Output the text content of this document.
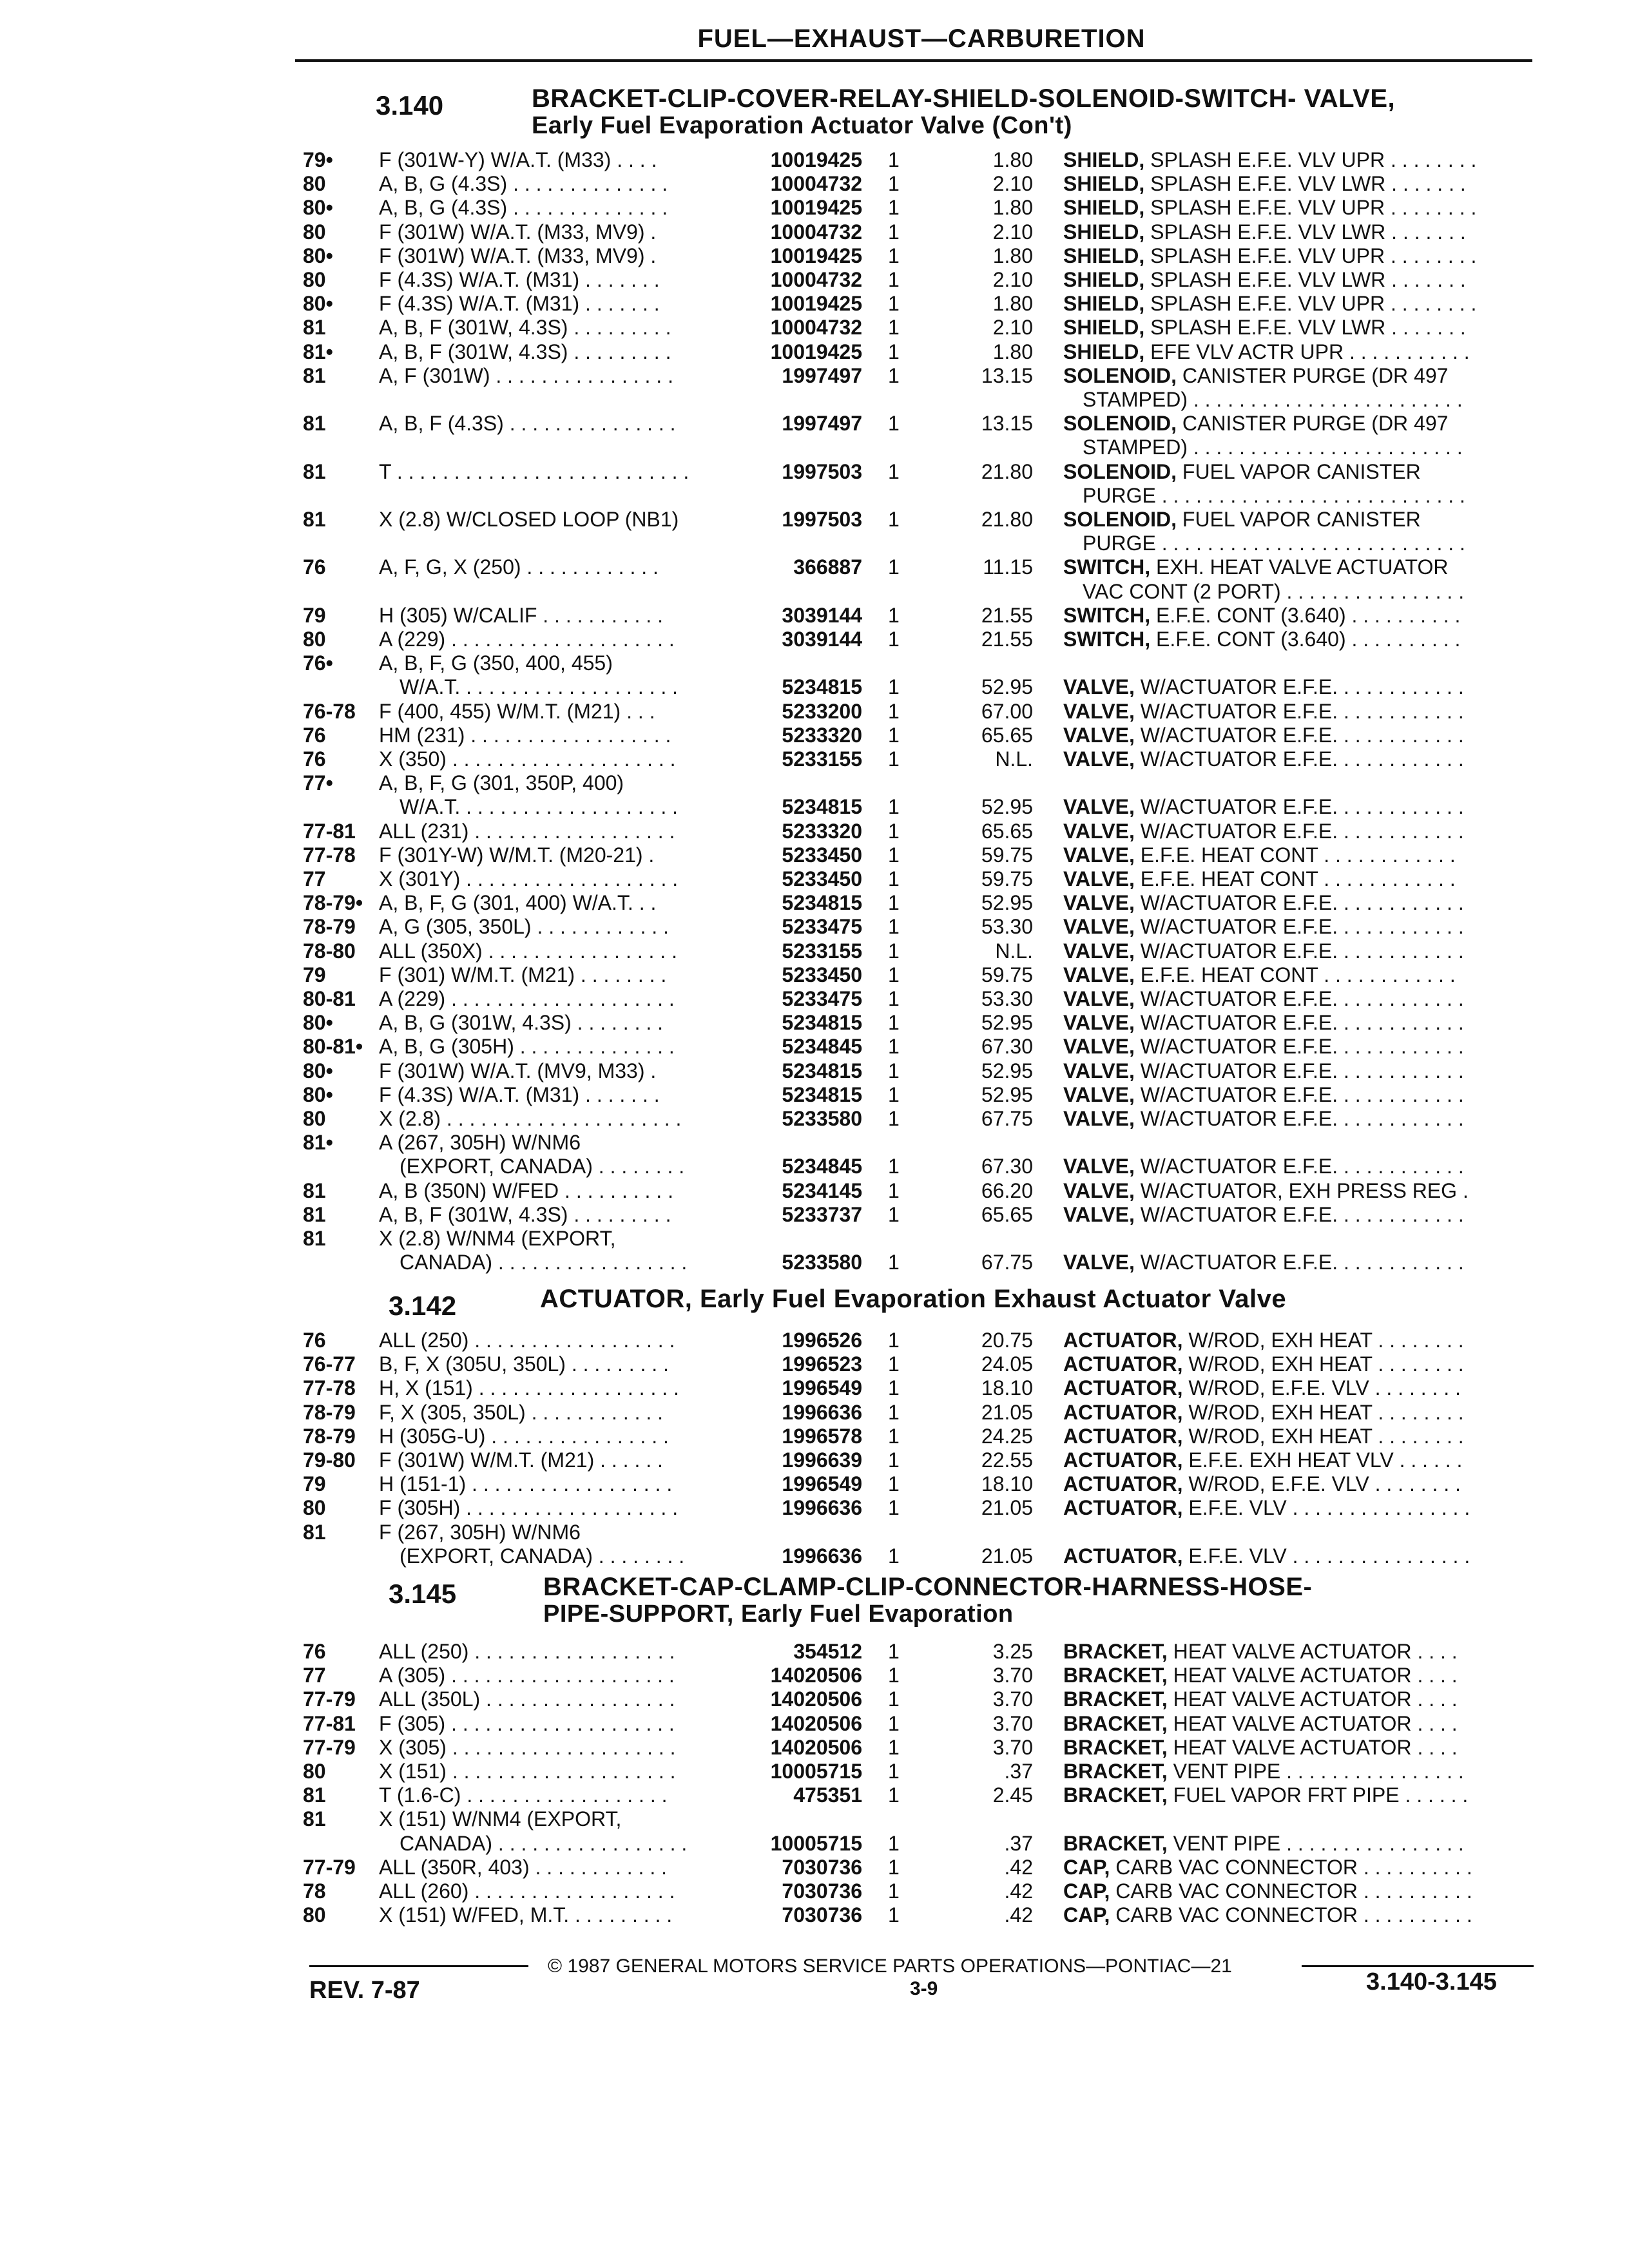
FUEL—EXHAUST—CARBURETION
3.140	BRACKET-CLIP-COVER-RELAY-SHIELD-SOLENOID-SWITCH- VALVE,
Early Fuel Evaporation Actuator Valve (Con't)
79• F (301W-Y) W/A.T. (M33) . . . .	10019425 1	1.80 SHIELD, SPLASH E.F.E. VLV UPR . . . . . . . .
80	A, B, G (4.3S) . . . . . . . . . . . . . .	10004732 1	2.10 SHIELD, SPLASH E.F.E. VLV LWR . . . . . . .
80• A, B, G (4.3S) . . . . . . . . . . . . . .	10019425 1	1.80 SHIELD, SPLASH E.F.E. VLV UPR . . . . . . . .
80	F (301W) W/A.T. (M33, MV9) .	10004732 1	2.10 SHIELD, SPLASH E.F.E. VLV LWR . . . . . . .
80• F (301W) W/A.T. (M33, MV9) .	10019425 1	1.80 SHIELD, SPLASH E.F.E. VLV UPR . . . . . . . .
80	F (4.3S) W/A.T. (M31) . . . . . . .	10004732 1	2.10 SHIELD, SPLASH E.F.E. VLV LWR . . . . . . .
80• F (4.3S) W/A.T. (M31) . . . . . . .	10019425 1	1.80 SHIELD, SPLASH E.F.E. VLV UPR . . . . . . . .
81	A, B, F (301W, 4.3S) . . . . . . . . .	10004732 1	2.10 SHIELD, SPLASH E.F.E. VLV LWR . . . . . . .
81• A, B, F (301W, 4.3S) . . . . . . . . .	10019425 1	1.80 SHIELD, EFE VLV ACTR UPR . . . . . . . . . . .
81	A, F (301W) . . . . . . . . . . . . . . . .	1997497 1	13.15 SOLENOID, CANISTER PURGE (DR 497
STAMPED) . . . . . . . . . . . . . . . . . . . . . . . .
81	A, B, F (4.3S) . . . . . . . . . . . . . . .	1997497 1	13.15 SOLENOID, CANISTER PURGE (DR 497
STAMPED) . . . . . . . . . . . . . . . . . . . . . . . .
81	T . . . . . . . . . . . . . . . . . . . . . . . . . .	1997503 1	21.80 SOLENOID, FUEL VAPOR CANISTER
PURGE . . . . . . . . . . . . . . . . . . . . . . . . . . .
81	X (2.8) W/CLOSED LOOP (NB1)	1997503 1	21.80 SOLENOID, FUEL VAPOR CANISTER
PURGE . . . . . . . . . . . . . . . . . . . . . . . . . . .
76	A, F, G, X (250) . . . . . . . . . . . .	366887 1	11.15 SWITCH, EXH. HEAT VALVE ACTUATOR
VAC CONT (2 PORT) . . . . . . . . . . . . . . . .
79	H (305) W/CALIF . . . . . . . . . . .	3039144 1	21.55 SWITCH, E.F.E. CONT (3.640) . . . . . . . . . .
80	A (229) . . . . . . . . . . . . . . . . . . . .	3039144 1	21.55 SWITCH, E.F.E. CONT (3.640) . . . . . . . . . .
76• A, B, F, G (350, 400, 455)
W/A.T. . . . . . . . . . . . . . . . . . . .	5234815 1	52.95 VALVE, W/ACTUATOR E.F.E. . . . . . . . . . . .
76-78 F (400, 455) W/M.T. (M21) . . .	5233200 1	67.00 VALVE, W/ACTUATOR E.F.E. . . . . . . . . . . .
76	HM (231) . . . . . . . . . . . . . . . . . .	5233320 1	65.65 VALVE, W/ACTUATOR E.F.E. . . . . . . . . . . .
76	X (350) . . . . . . . . . . . . . . . . . . . .	5233155 1	N.L. VALVE, W/ACTUATOR E.F.E. . . . . . . . . . . .
77• A, B, F, G (301, 350P, 400)
W/A.T. . . . . . . . . . . . . . . . . . . .	5234815 1	52.95 VALVE, W/ACTUATOR E.F.E. . . . . . . . . . . .
77-81 ALL (231) . . . . . . . . . . . . . . . . . .	5233320 1	65.65 VALVE, W/ACTUATOR E.F.E. . . . . . . . . . . .
77-78 F (301Y-W) W/M.T. (M20-21) .	5233450 1	59.75 VALVE, E.F.E. HEAT CONT . . . . . . . . . . . .
77	X (301Y) . . . . . . . . . . . . . . . . . . .	5233450 1	59.75 VALVE, E.F.E. HEAT CONT . . . . . . . . . . . .
78-79• A, B, F, G (301, 400) W/A.T. . .	5234815 1	52.95 VALVE, W/ACTUATOR E.F.E. . . . . . . . . . . .
78-79 A, G (305, 350L) . . . . . . . . . . . .	5233475 1	53.30 VALVE, W/ACTUATOR E.F.E. . . . . . . . . . . .
78-80 ALL (350X) . . . . . . . . . . . . . . . . .	5233155 1	N.L. VALVE, W/ACTUATOR E.F.E. . . . . . . . . . . .
79	F (301) W/M.T. (M21) . . . . . . . .	5233450 1	59.75 VALVE, E.F.E. HEAT CONT . . . . . . . . . . . .
80-81 A (229) . . . . . . . . . . . . . . . . . . . .	5233475 1	53.30 VALVE, W/ACTUATOR E.F.E. . . . . . . . . . . .
80• A, B, G (301W, 4.3S) . . . . . . . .	5234815 1	52.95 VALVE, W/ACTUATOR E.F.E. . . . . . . . . . . .
80-81• A, B, G (305H) . . . . . . . . . . . . . .	5234845 1	67.30 VALVE, W/ACTUATOR E.F.E. . . . . . . . . . . .
80• F (301W) W/A.T. (MV9, M33) .	5234815 1	52.95 VALVE, W/ACTUATOR E.F.E. . . . . . . . . . . .
80• F (4.3S) W/A.T. (M31) . . . . . . .	5234815 1	52.95 VALVE, W/ACTUATOR E.F.E. . . . . . . . . . . .
80	X (2.8) . . . . . . . . . . . . . . . . . . . . .	5233580 1	67.75 VALVE, W/ACTUATOR E.F.E. . . . . . . . . . . .
81• A (267, 305H) W/NM6
(EXPORT, CANADA) . . . . . . . .	5234845 1	67.30 VALVE, W/ACTUATOR E.F.E. . . . . . . . . . . .
81	A, B (350N) W/FED . . . . . . . . . .	5234145 1	66.20 VALVE, W/ACTUATOR, EXH PRESS REG .
81	A, B, F (301W, 4.3S) . . . . . . . . .	5233737 1	65.65 VALVE, W/ACTUATOR E.F.E. . . . . . . . . . . .
81	X (2.8) W/NM4 (EXPORT,
CANADA) . . . . . . . . . . . . . . . . .	5233580 1	67.75 VALVE, W/ACTUATOR E.F.E. . . . . . . . . . . .
3.142	ACTUATOR, Early Fuel Evaporation Exhaust Actuator Valve
76	ALL (250) . . . . . . . . . . . . . . . . . .	1996526 1	20.75 ACTUATOR, W/ROD, EXH HEAT . . . . . . . .
76-77 B, F, X (305U, 350L) . . . . . . . . .	1996523 1	24.05 ACTUATOR, W/ROD, EXH HEAT . . . . . . . .
77-78 H, X (151) . . . . . . . . . . . . . . . . . .	1996549 1	18.10 ACTUATOR, W/ROD, E.F.E. VLV . . . . . . . .
78-79 F, X (305, 350L) . . . . . . . . . . . .	1996636 1	21.05 ACTUATOR, W/ROD, EXH HEAT . . . . . . . .
78-79 H (305G-U) . . . . . . . . . . . . . . . .	1996578 1	24.25 ACTUATOR, W/ROD, EXH HEAT . . . . . . . .
79-80 F (301W) W/M.T. (M21) . . . . . .	1996639 1	22.55 ACTUATOR, E.F.E. EXH HEAT VLV . . . . . .
79	H (151-1) . . . . . . . . . . . . . . . . . .	1996549 1	18.10 ACTUATOR, W/ROD, E.F.E. VLV . . . . . . . .
80	F (305H) . . . . . . . . . . . . . . . . . . .	1996636 1	21.05 ACTUATOR, E.F.E. VLV . . . . . . . . . . . . . . . .
81	F (267, 305H) W/NM6
(EXPORT, CANADA) . . . . . . . .	1996636 1	21.05 ACTUATOR, E.F.E. VLV . . . . . . . . . . . . . . . .
3.145	BRACKET-CAP-CLAMP-CLIP-CONNECTOR-HARNESS-HOSE-
PIPE-SUPPORT, Early Fuel Evaporation
76	ALL (250) . . . . . . . . . . . . . . . . . .	354512 1	3.25 BRACKET, HEAT VALVE ACTUATOR . . . .
77	A (305) . . . . . . . . . . . . . . . . . . . .	14020506 1	3.70 BRACKET, HEAT VALVE ACTUATOR . . . .
77-79 ALL (350L) . . . . . . . . . . . . . . . . .	14020506 1	3.70 BRACKET, HEAT VALVE ACTUATOR . . . .
77-81 F (305) . . . . . . . . . . . . . . . . . . . .	14020506 1	3.70 BRACKET, HEAT VALVE ACTUATOR . . . .
77-79 X (305) . . . . . . . . . . . . . . . . . . . .	14020506 1	3.70 BRACKET, HEAT VALVE ACTUATOR . . . .
80	X (151) . . . . . . . . . . . . . . . . . . . .	10005715 1	.37 BRACKET, VENT PIPE . . . . . . . . . . . . . . . .
81	T (1.6-C) . . . . . . . . . . . . . . . . . .	475351 1	2.45 BRACKET, FUEL VAPOR FRT PIPE . . . . . .
81	X (151) W/NM4 (EXPORT,
CANADA) . . . . . . . . . . . . . . . . .	10005715 1	.37 BRACKET, VENT PIPE . . . . . . . . . . . . . . . .
77-79 ALL (350R, 403) . . . . . . . . . . . .	7030736 1	.42 CAP, CARB VAC CONNECTOR . . . . . . . . . .
78	ALL (260) . . . . . . . . . . . . . . . . . .	7030736 1	.42 CAP, CARB VAC CONNECTOR . . . . . . . . . .
80	X (151) W/FED, M.T. . . . . . . . . .	7030736 1	.42 CAP, CARB VAC CONNECTOR . . . . . . . . . .
© 1987 GENERAL MOTORS SERVICE PARTS OPERATIONS—PONTIAC—21
REV. 7-87	3-9	3.140-3.145
